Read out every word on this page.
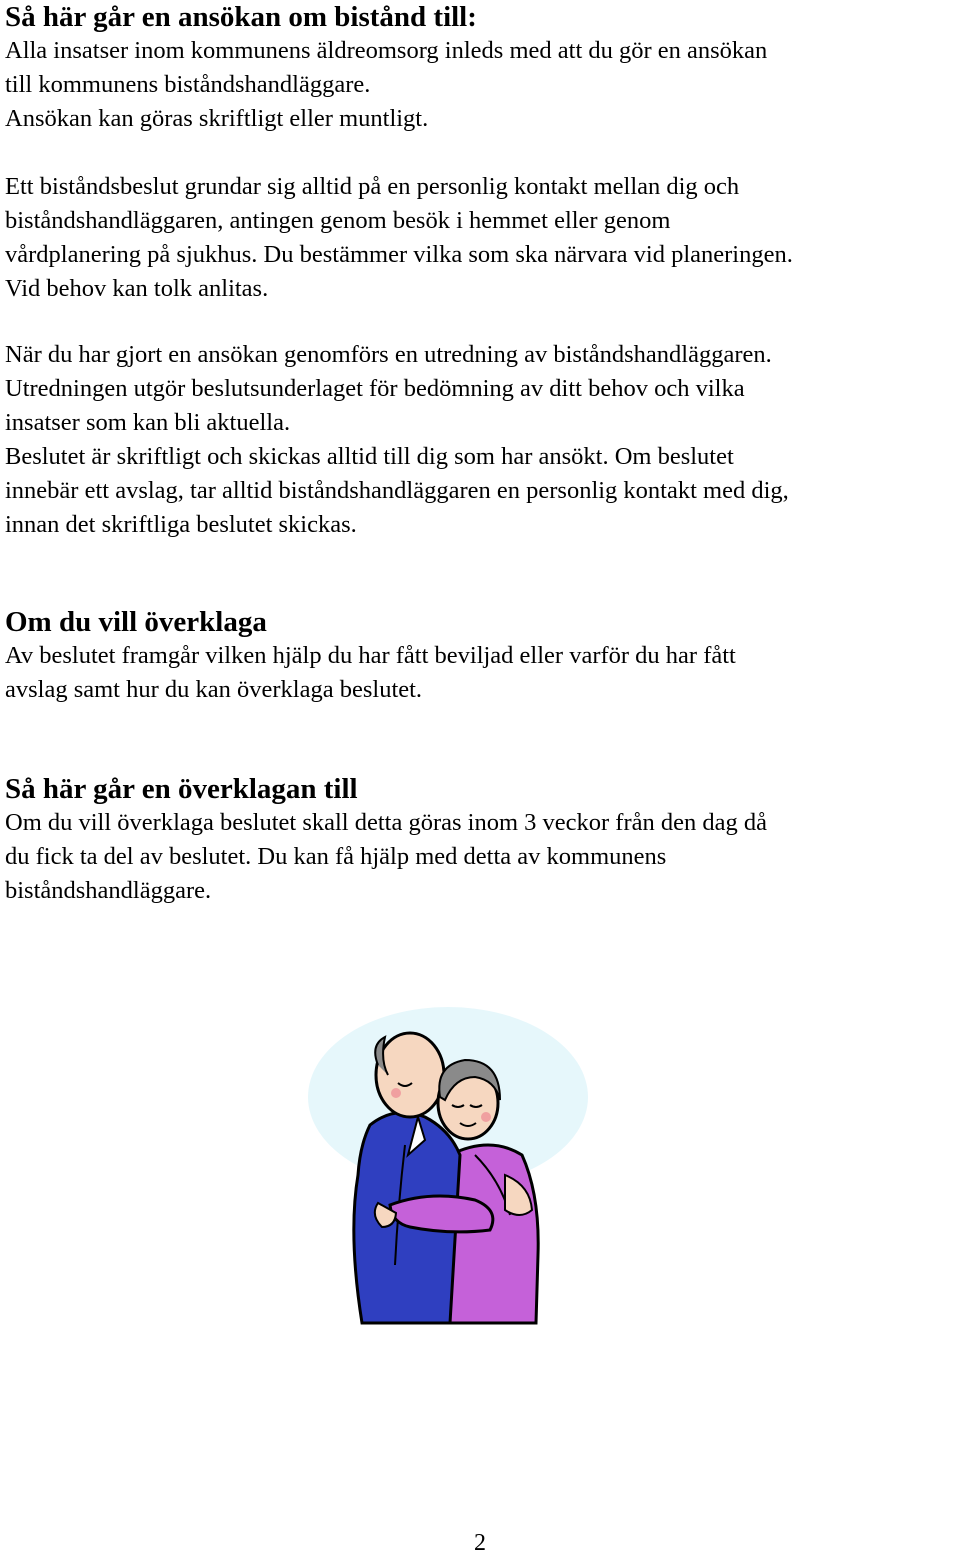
Så här går en ansökan om bistånd till:
Alla insatser inom kommunens äldreomsorg inleds med att du gör en ansökan
till kommunens biståndshandläggare.
Ansökan kan göras skriftligt eller muntligt.
Ett biståndsbeslut grundar sig alltid på en personlig kontakt mellan dig och
biståndshandläggaren, antingen genom besök i hemmet eller genom
vårdplanering på sjukhus. Du bestämmer vilka som ska närvara vid planeringen.
Vid behov kan tolk anlitas.
När du har gjort en ansökan genomförs en utredning av biståndshandläggaren.
Utredningen utgör beslutsunderlaget för bedömning av ditt behov och vilka
insatser som kan bli aktuella.
Beslutet är skriftligt och skickas alltid till dig som har ansökt. Om beslutet
innebär ett avslag, tar alltid biståndshandläggaren en personlig kontakt med dig,
innan det skriftliga beslutet skickas.
Om du vill överklaga
Av beslutet framgår vilken hjälp du har fått beviljad eller varför du har fått
avslag samt hur du kan överklaga beslutet.
Så här går en överklagan till
Om du vill överklaga beslutet skall detta göras inom 3 veckor från den dag då
du fick ta del av beslutet. Du kan få hjälp med detta av kommunens
biståndshandläggare.
2
